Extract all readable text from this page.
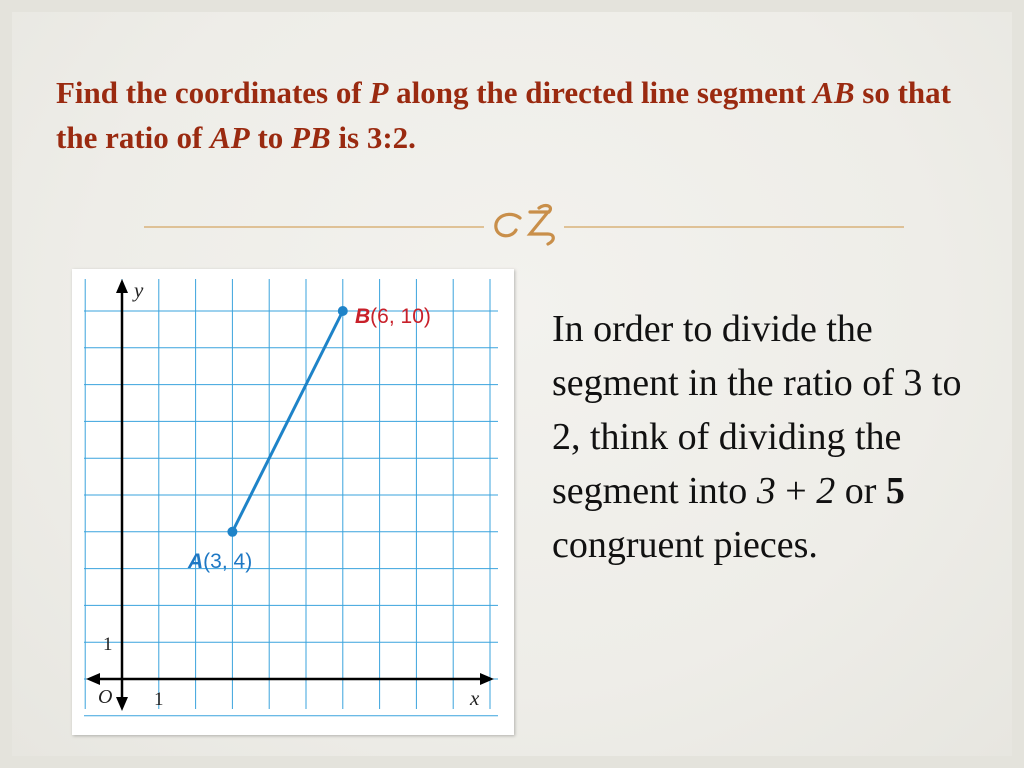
Find the coordinates of P along the directed line segment AB so that the ratio of AP to PB is 3:2.
y
x
O 1
1
B(6, 10)
A(3, 4)

In order to divide the segment in the ratio of 3 to 2, think of dividing the segment into 3 + 2 or 5 congruent pieces.
